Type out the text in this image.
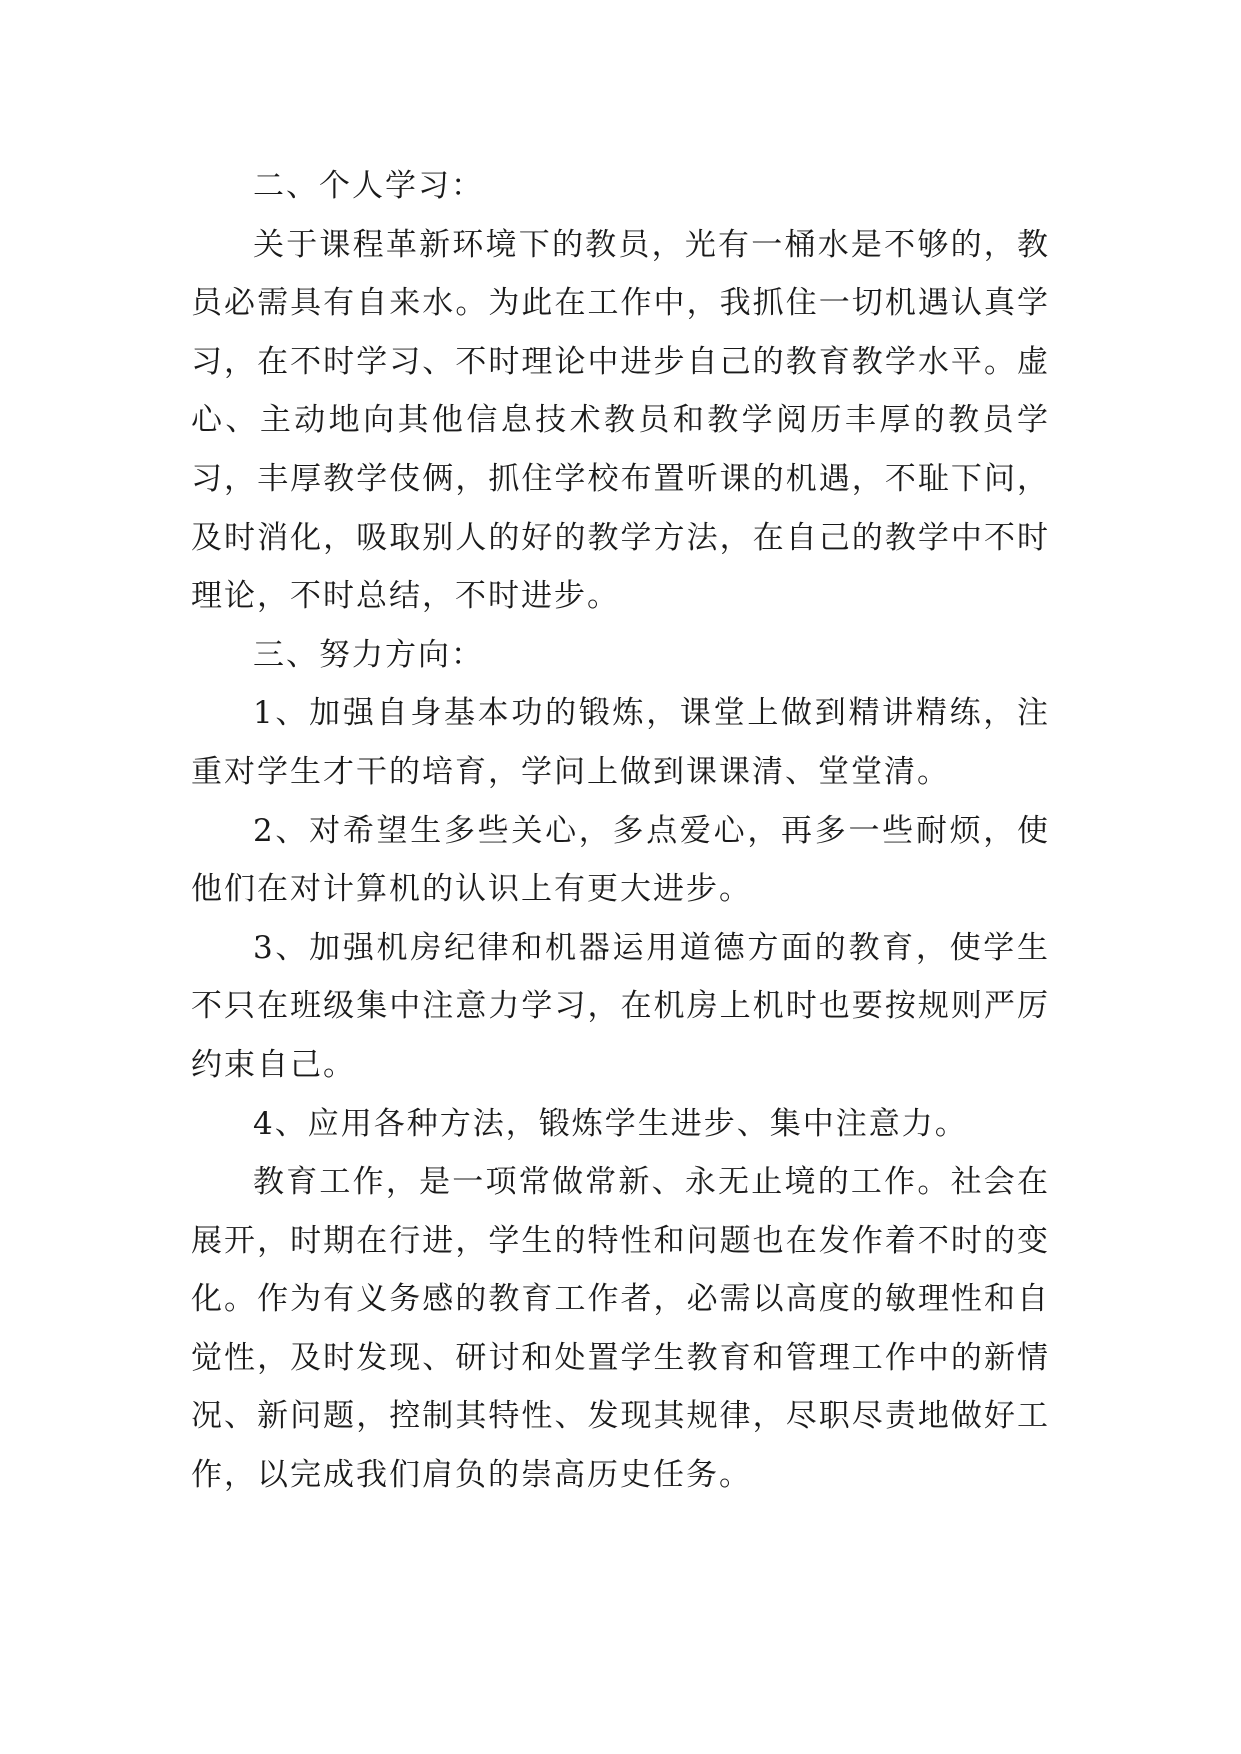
二、个人学习：

关于课程革新环境下的教员，光有一桶水是不够的，教员必需具有自来水。为此在工作中，我抓住一切机遇认真学习，在不时学习、不时理论中进步自己的教育教学水平。虚心、主动地向其他信息技术教员和教学阅历丰厚的教员学习，丰厚教学伎俩，抓住学校布置听课的机遇，不耻下问，及时消化，吸取别人的好的教学方法，在自己的教学中不时理论，不时总结，不时进步。

三、努力方向：

1、加强自身基本功的锻炼，课堂上做到精讲精练，注重对学生才干的培育，学问上做到课课清、堂堂清。

2、对希望生多些关心，多点爱心，再多一些耐烦，使他们在对计算机的认识上有更大进步。

3、加强机房纪律和机器运用道德方面的教育，使学生不只在班级集中注意力学习，在机房上机时也要按规则严厉约束自己。

4、应用各种方法，锻炼学生进步、集中注意力。

教育工作，是一项常做常新、永无止境的工作。社会在展开，时期在行进，学生的特性和问题也在发作着不时的变化。作为有义务感的教育工作者，必需以高度的敏理性和自觉性，及时发现、研讨和处置学生教育和管理工作中的新情况、新问题，控制其特性、发现其规律，尽职尽责地做好工作，以完成我们肩负的崇高历史任务。
